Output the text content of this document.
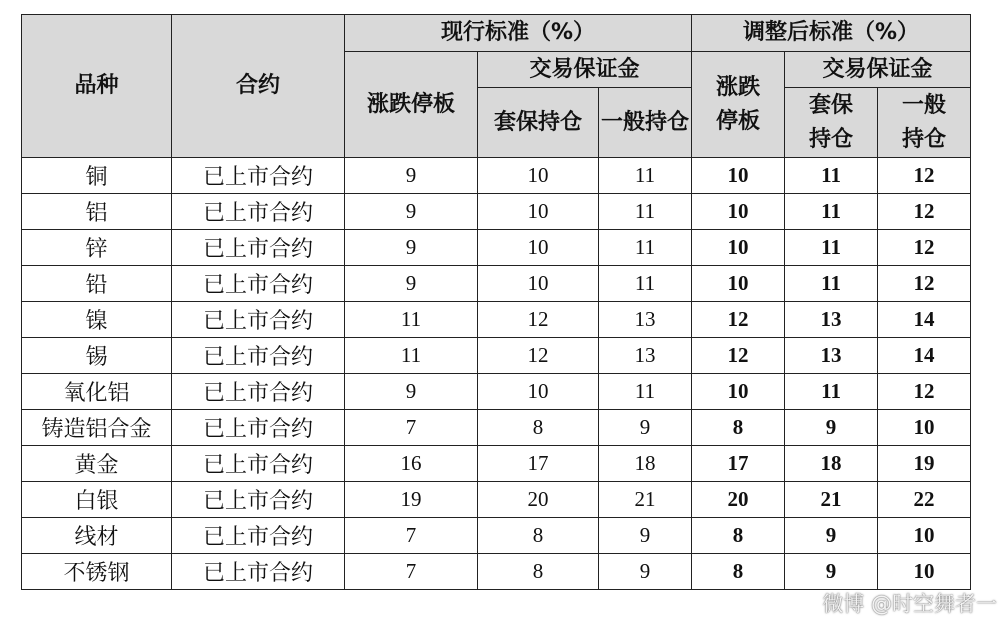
品种	合约	现行标准（%）			调整后标准（%）		
		涨跌停板	交易保证金		涨跌停板	交易保证金	
			套保持仓	一般持仓		套保持仓	一般持仓
铜	已上市合约	9	10	11	10	11	12
铝	已上市合约	9	10	11	10	11	12
锌	已上市合约	9	10	11	10	11	12
铅	已上市合约	9	10	11	10	11	12
镍	已上市合约	11	12	13	12	13	14
锡	已上市合约	11	12	13	12	13	14
氧化铝	已上市合约	9	10	11	10	11	12
铸造铝合金	已上市合约	7	8	9	8	9	10
黄金	已上市合约	16	17	18	17	18	19
白银	已上市合约	19	20	21	20	21	22
线材	已上市合约	7	8	9	8	9	10
不锈钢	已上市合约	7	8	9	8	9	10
微博 @时空舞者一
